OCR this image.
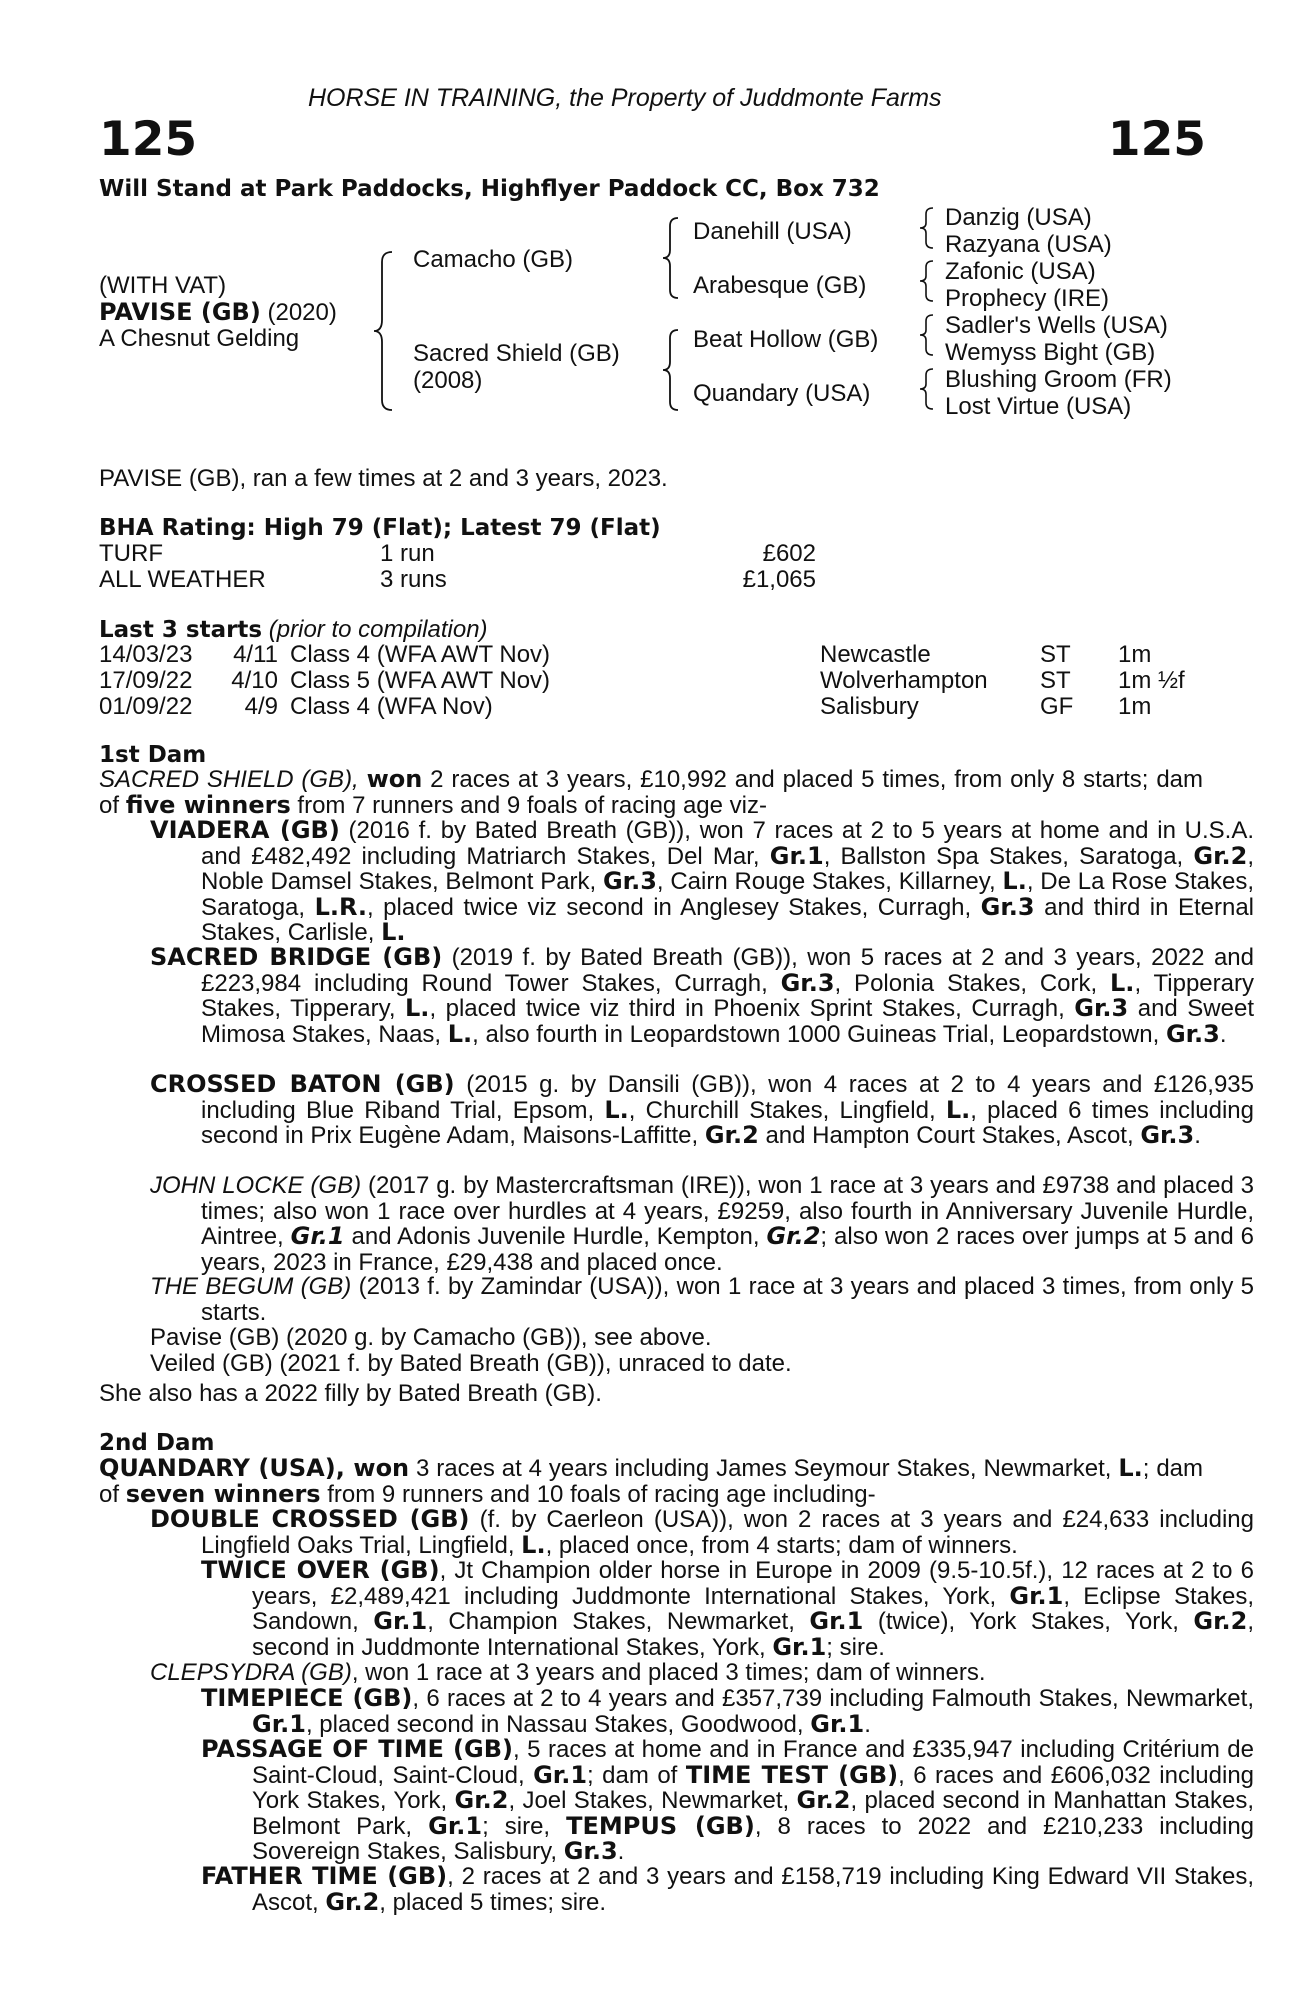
HORSE IN TRAINING, the Property of Juddmonte Farms
125	125
Will Stand at Park Paddocks, Highflyer Paddock CC, Box 732
(WITH VAT)
PAVISE (GB) (2020)
A Chesnut Gelding
Camacho (GB)
Sacred Shield (GB)
(2008)
Danehill (USA)
Arabesque (GB)
Beat Hollow (GB)
Quandary (USA)
Danzig (USA)
Razyana (USA)
Zafonic (USA)
Prophecy (IRE)
Sadler's Wells (USA)
Wemyss Bight (GB)
Blushing Groom (FR)
Lost Virtue (USA)
PAVISE (GB), ran a few times at 2 and 3 years, 2023.
BHA Rating: High 79 (Flat); Latest 79 (Flat)
TURF	1 run	£602
ALL WEATHER	3 runs	£1,065
Last 3 starts (prior to compilation)
14/03/23	4/11 Class 4 (WFA AWT Nov)	Newcastle	ST 1m
17/09/22	4/10 Class 5 (WFA AWT Nov)	Wolverhampton ST 1m ½f
01/09/22	4/9 Class 4 (WFA Nov)	Salisbury	GF 1m
1st Dam

SACRED SHIELD (GB), won 2 races at 3 years, £10,992 and placed 5 times, from only 8 starts; dam of five winners from 7 runners and 9 foals of racing age viz-

VIADERA (GB) (2016 f. by Bated Breath (GB)), won 7 races at 2 to 5 years at home and in U.S.A. and £482,492 including Matriarch Stakes, Del Mar, Gr.1, Ballston Spa Stakes, Saratoga, Gr.2, Noble Damsel Stakes, Belmont Park, Gr.3, Cairn Rouge Stakes, Killarney, L., De La Rose Stakes, Saratoga, L.R., placed twice viz second in Anglesey Stakes, Curragh, Gr.3 and third in Eternal Stakes, Carlisle, L.

SACRED BRIDGE (GB) (2019 f. by Bated Breath (GB)), won 5 races at 2 and 3 years, 2022 and £223,984 including Round Tower Stakes, Curragh, Gr.3, Polonia Stakes, Cork, L., Tipperary Stakes, Tipperary, L., placed twice viz third in Phoenix Sprint Stakes, Curragh, Gr.3 and Sweet Mimosa Stakes, Naas, L., also fourth in Leopardstown 1000 Guineas Trial, Leopardstown, Gr.3.

CROSSED BATON (GB) (2015 g. by Dansili (GB)), won 4 races at 2 to 4 years and £126,935 including Blue Riband Trial, Epsom, L., Churchill Stakes, Lingfield, L., placed 6 times including second in Prix Eugène Adam, Maisons-Laffitte, Gr.2 and Hampton Court Stakes, Ascot, Gr.3.

JOHN LOCKE (GB) (2017 g. by Mastercraftsman (IRE)), won 1 race at 3 years and £9738 and placed 3 times; also won 1 race over hurdles at 4 years, £9259, also fourth in Anniversary Juvenile Hurdle, Aintree, Gr.1 and Adonis Juvenile Hurdle, Kempton, Gr.2; also won 2 races over jumps at 5 and 6 years, 2023 in France, £29,438 and placed once.

THE BEGUM (GB) (2013 f. by Zamindar (USA)), won 1 race at 3 years and placed 3 times, from only 5 starts.

Pavise (GB) (2020 g. by Camacho (GB)), see above.

Veiled (GB) (2021 f. by Bated Breath (GB)), unraced to date.

She also has a 2022 filly by Bated Breath (GB).
2nd Dam

QUANDARY (USA), won 3 races at 4 years including James Seymour Stakes, Newmarket, L.; dam of seven winners from 9 runners and 10 foals of racing age including-

DOUBLE CROSSED (GB) (f. by Caerleon (USA)), won 2 races at 3 years and £24,633 including Lingfield Oaks Trial, Lingfield, L., placed once, from 4 starts; dam of winners.

TWICE OVER (GB), Jt Champion older horse in Europe in 2009 (9.5-10.5f.), 12 races at 2 to 6 years, £2,489,421 including Juddmonte International Stakes, York, Gr.1, Eclipse Stakes, Sandown, Gr.1, Champion Stakes, Newmarket, Gr.1 (twice), York Stakes, York, Gr.2, second in Juddmonte International Stakes, York, Gr.1; sire.

CLEPSYDRA (GB), won 1 race at 3 years and placed 3 times; dam of winners.

TIMEPIECE (GB), 6 races at 2 to 4 years and £357,739 including Falmouth Stakes, Newmarket, Gr.1, placed second in Nassau Stakes, Goodwood, Gr.1.

PASSAGE OF TIME (GB), 5 races at home and in France and £335,947 including Critérium de Saint-Cloud, Saint-Cloud, Gr.1; dam of TIME TEST (GB), 6 races and £606,032 including York Stakes, York, Gr.2, Joel Stakes, Newmarket, Gr.2, placed second in Manhattan Stakes, Belmont Park, Gr.1; sire, TEMPUS (GB), 8 races to 2022 and £210,233 including Sovereign Stakes, Salisbury, Gr.3.

FATHER TIME (GB), 2 races at 2 and 3 years and £158,719 including King Edward VII Stakes, Ascot, Gr.2, placed 5 times; sire.
